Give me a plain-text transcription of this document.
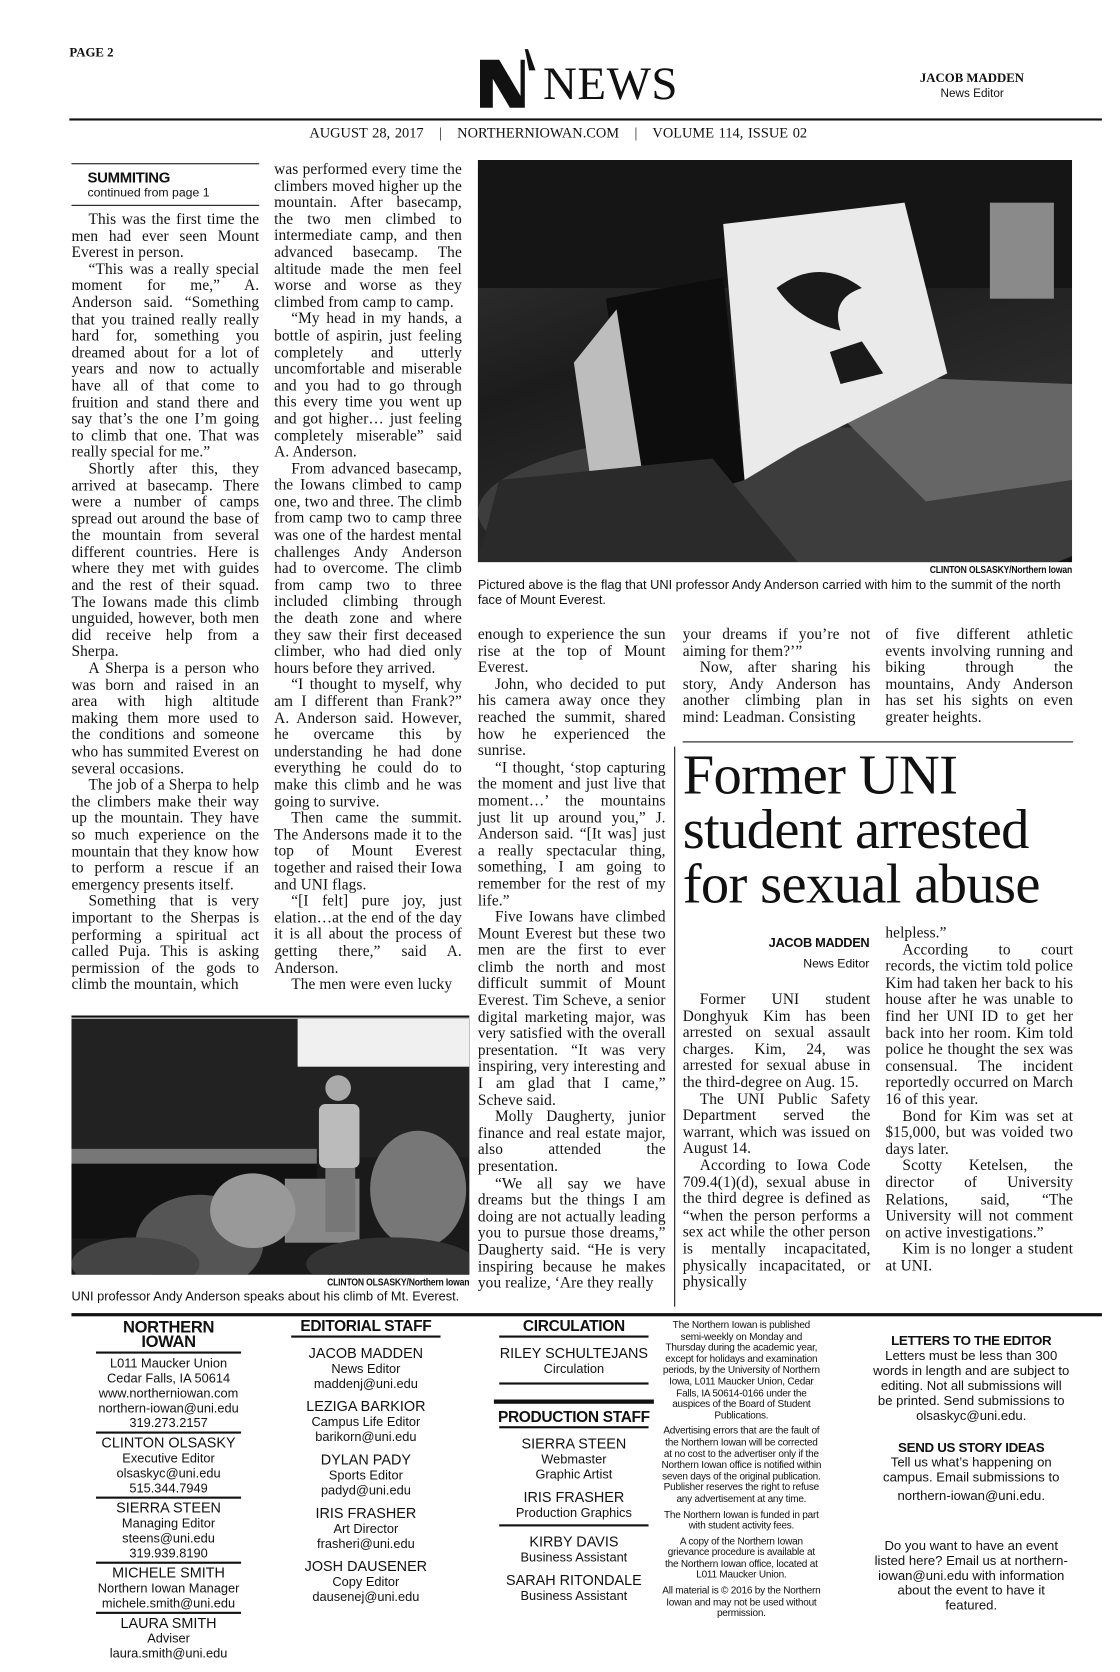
PAGE 2
NEWS	JACOB MADDEN
News Editor
AUGUST 28, 2017 | NORTHERNIOWAN.COM | VOLUME 114, ISSUE 02
SUMMITING
continued from page 1

This was the first time the men had ever seen Mount Everest in person.

“This was a really special moment for me,” A. Anderson said. “Something that you trained really really hard for, something you dreamed about for a lot of years and now to actually have all of that come to fruition and stand there and say that’s the one I’m going to climb that one. That was really special for me.”

Shortly after this, they arrived at basecamp. There were a number of camps spread out around the base of the mountain from several different countries. Here is where they met with guides and the rest of their squad. The Iowans made this climb unguided, however, both men did receive help from a Sherpa.

A Sherpa is a person who was born and raised in an area with high altitude making them more used to the conditions and someone who has summited Everest on several occasions.

The job of a Sherpa to help the climbers make their way up the mountain. They have so much experience on the mountain that they know how to perform a rescue if an emergency presents itself.

Something that is very important to the Sherpas is performing a spiritual act called Puja. This is asking permission of the gods to climb the mountain, which

was performed every time the climbers moved higher up the mountain. After basecamp, the two men climbed to intermediate camp, and then advanced basecamp. The altitude made the men feel worse and worse as they climbed from camp to camp.

“My head in my hands, a bottle of aspirin, just feeling completely and utterly uncomfortable and miserable and you had to go through this every time you went up and got higher… just feeling completely miserable” said A. Anderson.

From advanced basecamp, the Iowans climbed to camp one, two and three. The climb from camp two to camp three was one of the hardest mental challenges Andy Anderson had to overcome. The climb from camp two to three included climbing through the death zone and where they saw their first deceased climber, who had died only hours before they arrived.

“I thought to myself, why am I different than Frank?” A. Anderson said. However, he overcame this by understanding he had done everything he could do to make this climb and he was going to survive.

Then came the summit. The Andersons made it to the top of Mount Everest together and raised their Iowa and UNI flags.

“[I felt] pure joy, just elation…at the end of the day it is all about the process of getting there,” said A. Anderson.

The men were even lucky

enough to experience the sun rise at the top of Mount Everest.

John, who decided to put his camera away once they reached the summit, shared how he experienced the sunrise.

“I thought, ‘stop capturing the moment and just live that moment…’ the mountains just lit up around you,” J. Anderson said. “[It was] just a really spectacular thing, something, I am going to remember for the rest of my life.”

Five Iowans have climbed Mount Everest but these two men are the first to ever climb the north and most difficult summit of Mount Everest. Tim Scheve, a senior digital marketing major, was very satisfied with the overall presentation. “It was very inspiring, very interesting and I am glad that I came,” Scheve said.

Molly Daugherty, junior finance and real estate major, also attended the presentation.

“We all say we have dreams but the things I am doing are not actually leading you to pursue those dreams,” Daugherty said. “He is very inspiring because he makes you realize, ‘Are they really

your dreams if you’re not aiming for them?’”

Now, after sharing his story, Andy Anderson has another climbing plan in mind: Leadman. Consisting

of five different athletic events involving running and biking through the mountains, Andy Anderson has set his sights on even greater heights.

CLINTON OLSASKY/Northern Iowan
Pictured above is the flag that UNI professor Andy Anderson carried with him to the summit of the north face of Mount Everest.
CLINTON OLSASKY/Northern Iowan
UNI professor Andy Anderson speaks about his climb of Mt. Everest.
Former UNI
student arrested
for sexual abuse
JACOB MADDEN
News Editor

Former UNI student Donghyuk Kim has been arrested on sexual assault charges. Kim, 24, was arrested for sexual abuse in the third-degree on Aug. 15.

The UNI Public Safety Department served the warrant, which was issued on August 14.

According to Iowa Code 709.4(1)(d), sexual abuse in the third degree is defined as “when the person performs a sex act while the other person is mentally incapacitated, physically incapacitated, or physically

helpless.”

According to court records, the victim told police Kim had taken her back to his house after he was unable to find her UNI ID to get her back into her room. Kim told police he thought the sex was consensual. The incident reportedly occurred on March 16 of this year.

Bond for Kim was set at $15,000, but was voided two days later.

Scotty Ketelsen, the director of University Relations, said, “The University will not comment on active investigations.”

Kim is no longer a student at UNI.

NORTHERN IOWAN
L011 Maucker Union
Cedar Falls, IA 50614
www.northerniowan.com
northern-iowan@uni.edu
319.273.2157
CLINTON OLSASKY
Executive Editor
olsaskyc@uni.edu
515.344.7949
SIERRA STEEN
Managing Editor
steens@uni.edu
319.939.8190
MICHELE SMITH
Northern Iowan Manager
michele.smith@uni.edu
LAURA SMITH
Adviser
laura.smith@uni.edu
EDITORIAL STAFF
JACOB MADDEN
News Editor
maddenj@uni.edu
LEZIGA BARKIOR
Campus Life Editor
barikorn@uni.edu
DYLAN PADY
Sports Editor
padyd@uni.edu
IRIS FRASHER
Art Director
frasheri@uni.edu
JOSH DAUSENER
Copy Editor
dausenej@uni.edu
CIRCULATION
RILEY SCHULTEJANS
Circulation
PRODUCTION STAFF
SIERRA STEEN
Webmaster
Graphic Artist
IRIS FRASHER
Production Graphics
KIRBY DAVIS
Business Assistant
SARAH RITONDALE
Business Assistant

The Northern Iowan is published semi-weekly on Monday and Thursday during the academic year, except for holidays and examination periods, by the University of Northern Iowa, L011 Maucker Union, Cedar Falls, IA 50614-0166 under the auspices of the Board of Student Publications.

Advertising errors that are the fault of the Northern Iowan will be corrected at no cost to the advertiser only if the Northern Iowan office is notified within seven days of the original publication. Publisher reserves the right to refuse any advertisement at any time.

The Northern Iowan is funded in part with student activity fees.

A copy of the Northern Iowan grievance procedure is available at the Northern Iowan office, located at L011 Maucker Union.

All material is © 2016 by the Northern Iowan and may not be used without permission.

LETTERS TO THE EDITOR
Letters must be less than 300 words in length and are subject to editing. Not all submissions will be printed. Send submissions to olsaskyc@uni.edu.
SEND US STORY IDEAS
Tell us what’s happening on campus. Email submissions to
northern-iowan@uni.edu.
Do you want to have an event listed here? Email us at northern-iowan@uni.edu with information about the event to have it featured.
